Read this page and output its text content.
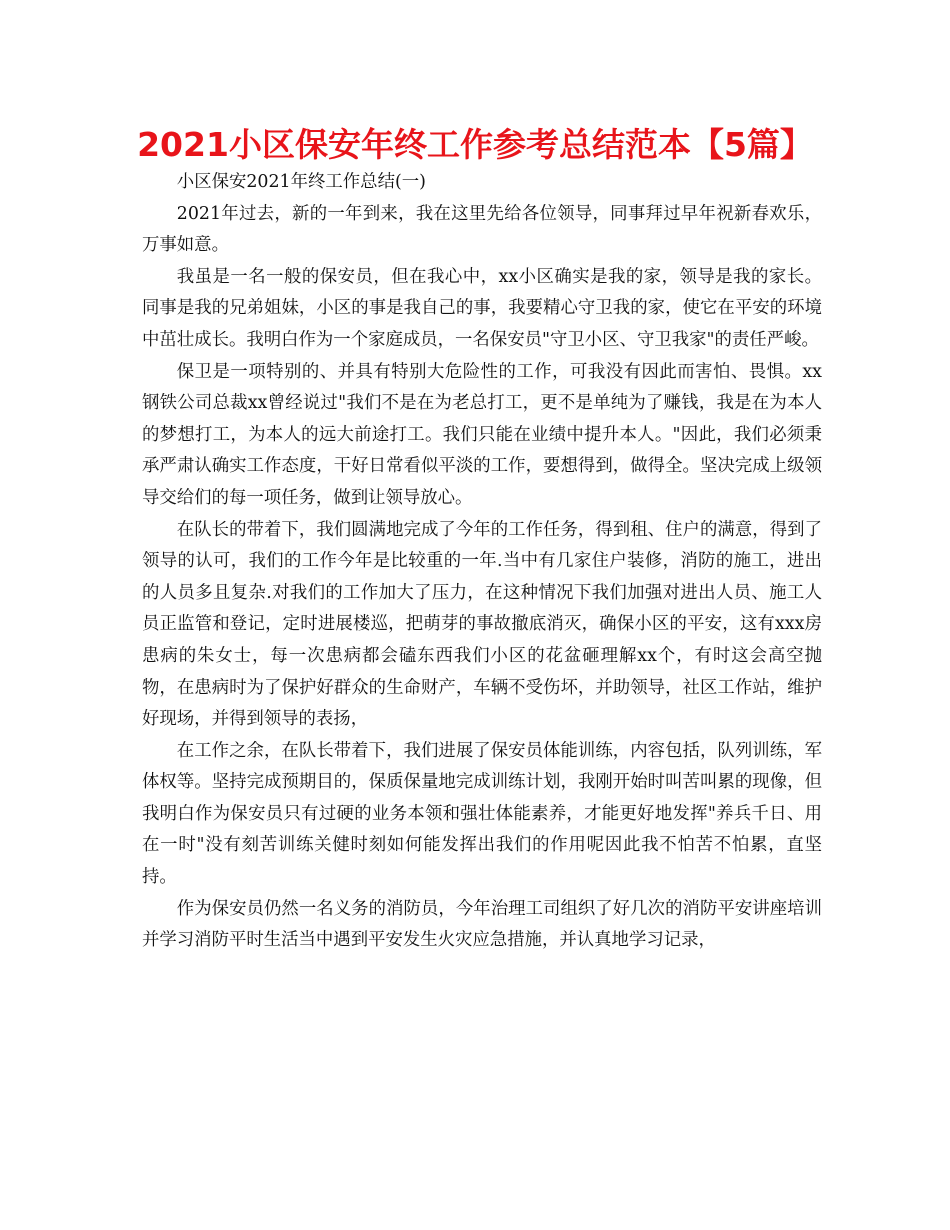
2021小区保安年终工作参考总结范本【5篇】

小区保安2021年终工作总结(一)

2021年过去，新的一年到来，我在这里先给各位领导，同事拜过早年祝新春欢乐，万事如意。

我虽是一名一般的保安员，但在我心中，xx小区确实是我的家，领导是我的家长。同事是我的兄弟姐妹，小区的事是我自己的事，我要精心守卫我的家，使它在平安的环境中茁壮成长。我明白作为一个家庭成员，一名保安员"守卫小区、守卫我家"的责任严峻。

保卫是一项特别的、并具有特别大危险性的工作，可我没有因此而害怕、畏惧。xx钢铁公司总裁xx曾经说过"我们不是在为老总打工，更不是单纯为了赚钱，我是在为本人的梦想打工，为本人的远大前途打工。我们只能在业绩中提升本人。"因此，我们必须秉承严肃认确实工作态度，干好日常看似平淡的工作，要想得到，做得全。坚决完成上级领导交给们的每一项任务，做到让领导放心。

在队长的带着下，我们圆满地完成了今年的工作任务，得到租、住户的满意，得到了领导的认可，我们的工作今年是比较重的一年.当中有几家住户装修，消防的施工，进出的人员多且复杂.对我们的工作加大了压力，在这种情况下我们加强对进出人员、施工人员正监管和登记，定时进展楼巡，把萌芽的事故撤底消灭，确保小区的平安，这有xxx房患病的朱女士，每一次患病都会磕东西我们小区的花盆砸理解xx个，有时这会高空抛物，在患病时为了保护好群众的生命财产，车辆不受伤坏，并助领导，社区工作站，维护好现场，并得到领导的表扬，

在工作之余，在队长带着下，我们进展了保安员体能训练，内容包括，队列训练，军体权等。坚持完成预期目的，保质保量地完成训练计划，我刚开始时叫苦叫累的现像，但我明白作为保安员只有过硬的业务本领和强壮体能素养，才能更好地发挥"养兵千日、用在一时"没有刻苦训练关健时刻如何能发挥出我们的作用呢因此我不怕苦不怕累，直坚持。

作为保安员仍然一名义务的消防员，今年治理工司组织了好几次的消防平安讲座培训并学习消防平时生活当中遇到平安发生火灾应急措施，并认真地学习记录，
